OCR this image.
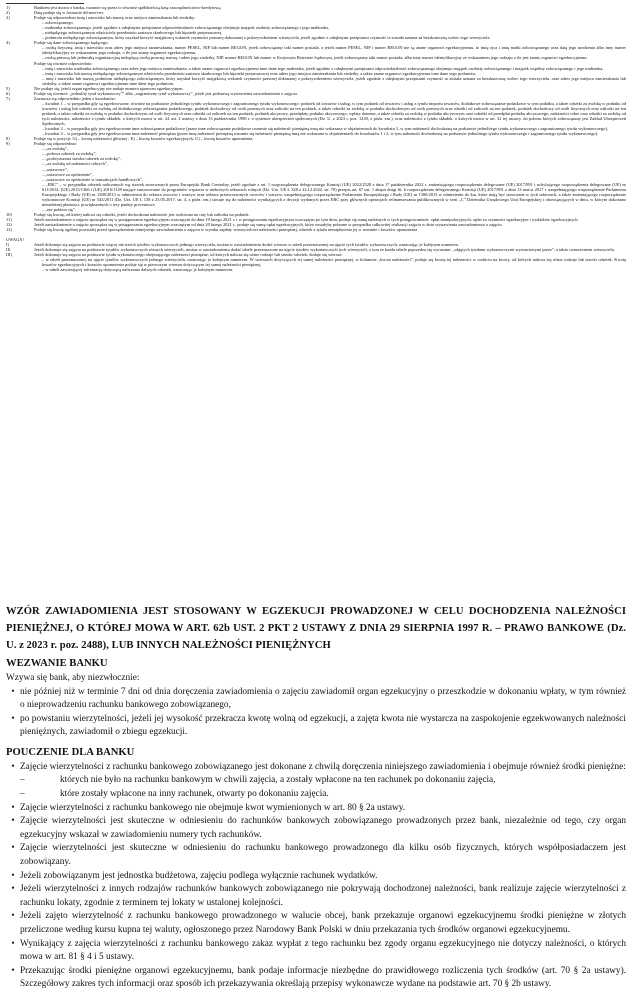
1)	Bankiem jest mowa o banku, rozumie się przez to również spółdzielczą kasę oszczędnościowo-kredytową.
2)	Datę podaje się w formacie dd-mm-rrrr.
3)	Podaje się odpowiednio imię i nazwisko lub nazwę oraz miejsca zamieszkania lub siedziby:
– zobowiązanego,
– małżonka zobowiązanego, jeżeli zgodnie z odrębnymi przepisami odpowiedzialność zobowiązanego obejmuje majątek osobisty zobowiązanego i jego małżonka,
– niebędącego zobowiązanym właściciela przedmiotu zastawu skarbowego lub hipoteki przymusowej,
– podmiotu niebędącego zobowiązanym, który uzyskał korzyść majątkową wskutek czynności prawnej dokonanej z pokrzywdzeniem wierzyciela, jeżeli zgodnie z odrębnymi przepisami czynność ta została uznana za bezskuteczną wobec tego wierzyciela.
4)	Podaje się dane zobowiązanego będącego:
– osobą fizyczną: imię i nazwisko oraz adres jego miejsca zamieszkania, numer PESEL, NIP lub numer REGON, jeżeli zobowiązany taki numer posiada, a jeżeli numer PESEL, NIP i numer REGON nie są znane organowi egzekucyjnemu, to imię ojca i imię matki zobowiązanego oraz datę jego urodzenia albo inny numer identyfikacyjny ze wskazaniem jego rodzaju, o ile jest znany organowi egzekucyjnemu,
– osobą prawną lub jednostką organizacyjną niebędącą osobą prawną: nazwę i adres jego siedziby, NIP, numer REGON lub numer w Krajowym Rejestrze Sądowym, jeżeli zobowiązany taki numer posiada, albo inny numer identyfikacyjny ze wskazaniem jego rodzaju o ile jest znany organowi egzekucyjnemu.
Podaje się również odpowiednio:
– imię i nazwisko małżonka zobowiązanego oraz adres jego miejsca zamieszkania, a także znane organowi egzekucyjnemu inne dane tego małżonka, jeżeli zgodnie z odrębnymi przepisami odpowiedzialność zobowiązanego obejmuje majątek osobisty zobowiązanego i majątek wspólny zobowiązanego i jego małżonka,
– imię i nazwisko lub nazwę niebędącego zobowiązanym właściciela przedmiotu zastawu skarbowego lub hipoteki przymusowej oraz adres jego miejsca zamieszkania lub siedziby, a także znane organowi egzekucyjnemu inne dane tego podmiotu,
– imię i nazwisko lub nazwę podmiotu niebędącego zobowiązanym, który uzyskał korzyść majątkową wskutek czynności prawnej dokonanej z pokrzywdzeniem wierzyciela, jeżeli zgodnie z odrębnymi przepisami czynność ta została uznana za bezskuteczną wobec tego wierzyciela, oraz adres jego miejsca zamieszkania lub siedziby, a także znane organowi egzekucyjnemu inne dane tego podmiotu.
5)	Nie podaje się, jeżeli organ egzekucyjny nie nadaje numeru sprawom egzekucyjnym.
6)	Podaje się również: „jednolity tytuł wykonawczy”” albo „zagraniczny tytuł wykonawczy”, jeżeli jest podstawą wystawienia zawiadomienia o zajęciu.
7)	Zaznacza się odpowiednio jeden z kwadratów:
– kwadrat 1 – w przypadku gdy są egzekwowane, również na podstawie jednolitego tytułu wykonawczego i zagranicznego tytułu wykonawczego: podatek od towarów i usług, w tym podatek od towarów i usług z tytułu importu towarów, dodatkowe zobowiązanie podatkowe w tym podatku, a także odsetki za zwłokę w podatku od towarów i usług lub odsetki za zwłokę od dodatkowego zobowiązania podatkowego, podatek dochodowy od osób prawnych oraz zaliczki na ten podatek, a także odsetki za zwłokę w podatku dochodowym od osób prawnych oraz odsetki od zaliczek na ten podatek, podatek dochodowy od osób fizycznych oraz zaliczki na ten podatek, a także odsetki za zwłokę w podatku dochodowym od osób fizycznych oraz odsetki od zaliczek na ten podatek, podatek akcyzowy, przedpłaty podatku akcyzowego, wpłaty dzienne, a także odsetki za zwłokę w podatku akcyzowym oraz odsetki od przedpłat podatku akcyzowego, należności celne oraz odsetki za zwłokę od tych należności, należności z tytułu składek, o których mowa w art. 24 ust. 2 ustawy z dnia 13 października 1998 r. o systemie ubezpieczeń społecznych (Dz. U. z 2023 r. poz. 1230, z późn. zm.), oraz należności z tytułu składek, o których mowa w art. 32 tej ustawy, do poboru których zobowiązany jest Zakład Ubezpieczeń Społecznych,
– kwadrat 2 – w przypadku gdy jest egzekwowane inne zobowiązanie podatkowe (przez inne zobowiązanie podatkowe rozumie się należność pieniężną inną niż wskazana w objaśnieniach do kwadratu 1, w tym należność dochodzoną na podstawie jednolitego tytułu wykonawczego i zagranicznego tytułu wykonawczego),
– kwadrat 3 – w przypadku gdy jest egzekwowana inna należność pieniężna (przez inną należność pieniężną rozumie się należność pieniężną inną niż wskazana w objaśnieniach do kwadratów 1 i 2, w tym należność dochodzoną na podstawie jednolitego tytułu wykonawczego i zagranicznego tytułu wykonawczego).
8)	Podaje się w pozycji: G) – kwotę należności głównej , E) – kwotę kosztów egzekucyjnych, U) – kwotę kosztów upomnienia.
9)	Podaje się odpowiednio:
– „za zwłokę”,
– „połowa odsetek za zwłokę”,
– „podwyższona stawka odsetek za zwłokę”,
– „za zwłokę od należności celnych”,
– „ustawowe”,
– „ustawowe za opóźnienie”,
– „ustawowe za opóźnienie w transakcjach handlowych”,
– „EBC” – w przypadku odsetek naliczanych wg stawek stosowanych przez Europejski Bank Centralny, jeżeli zgodnie z art. 1 rozporządzenia delegowanego Komisji (UE) 2022/2528 z dnia 17 października 2022 r. zmieniającego rozporządzenie delegowane (UE) 2017/891 i uchylającego rozporządzenia delegowane (UE) nr 611/2014, (UE) 2015/1366 i (UE) 2016/1149 mające zastosowanie do programów wsparcia w niektórych sektorach rolnych (Dz. Urz. UE L 328 z 22.12.2022, str. 70) przepis art. 67 ust. 1 akapit drugi lit. b rozporządzenia delegowanego Komisji (UE) 2017/891 z dnia 13 marca 2017 r. uzupełniającego rozporządzenie Parlamentu Europejskiego i Rady (UE) nr 1308/2013 w odniesieniu do sektora owoców i warzyw oraz sektora przetworzonych owoców i warzyw, uzupełniającego rozporządzenie Parlamentu Europejskiego i Rady (UE) nr 1306/2013 w odniesieniu do kar, które mają być stosowane w tych sektorach, a także zmieniającego rozporządzenie wykonawcze Komisji (UE) nr 543/2011 (Dz. Urz. UE L 138 z 25.05.2017, str. 4, z późn. zm.) stosuje się do należności wynikających z decyzji wydanych przez EBC przy głównych operacjach refinansowania publikowanych w serii „C” Dziennika Urzędowego Unii Europejskiej i obowiązujących w dniu, w którym dokonano nienależnej płatności, powiększonych o trzy punkty procentowe,
– „nie pobiera się”.
10)	Podaje się kwotę, od której nalicza się odsetki, jeżeli dochodzona należność jest rozłożona na raty lub zaliczka na podatek.
11)	Jeżeli zawiadomienie o zajęciu sporządza się w postępowaniu egzekucyjnym wszczętym do dnia 19 lutego 2021 r. i w postępowaniu egzekucyjnym wszczętym po tym dniu, podaje się sumę należnych w tych postępowaniach: opłat manipulacyjnych, opłat za czynności egzekucyjne i wydatków egzekucyjnych.
12)	Jeżeli zawiadomienie o zajęciu sporządza się w postępowaniu egzekucyjnym wszczętym od dnia 20 lutego 2021 r., podaje się sumę opłat egzekucyjnych, które zostałyby pobrane w przypadku całkowitej realizacji zajęcia w dniu wystawienia zawiadomienia o zajęciu.
13)	Podaje się kwotę ogólnej powstałej przed sporządzeniem niniejszego zawiadomienia o zajęciu w wyniku zapłaty wierzycielowi należności pieniężnej, odsetek z tytułu niezapłacenia jej w terminie i kosztów upomnienia
UWAGA!
I)	Jeżeli dokonuje się zajęcia na podstawie więcej niż trzech tytułów wykonawczych jednego wierzyciela, można w zawiadomieniu dodać wiersze w tabeli przeznaczonej na ujęcie tych tytułów wykonawczych, oznaczając je kolejnym numerem.
II)	Jeżeli dokonuje się zajęcia na podstawie tytułów wykonawczych różnych wierzycieli, można w zawiadomieniu dodać tabele przeznaczone na ujęcie tytułów wykonawczych tych wierzycieli, z tym że każda tabele poprzedza się wyrazami: „objętych tytułami wykonawczymi wystawionymi przez”, a także oznaczeniem wierzyciela.
III)	Jeżeli dokonuje się zajęcia na podstawie tytułu wykonawczego obejmującego należności pieniężne, od których nalicza się różne rodzaje lub stawki odsetek, dodaje się wiersze:
– w tabeli przeznaczonej na ujęcie tytułów wykonawczych jednego wierzyciela, oznaczając je kolejnym numerem. W wierszach dotyczących tej samej należności pieniężnej, w kolumnie „kwota należności”, podaje się kwotę tej należności w rozbiciu na kwoty, od których nalicza się różne rodzaje lub stawki odsetek. Kwotę kosztów egzekucyjnych i kosztów upomnienia podaje się w pierwszym wierszu dotyczącym tej samej należności pieniężnej,
– w tabeli zawierającej informację dotyczącą naliczania dalszych odsetek, oznaczając je kolejnym numerem.
WZÓR ZAWIADOMIENIA JEST STOSOWANY W EGZEKUCJI PROWADZONEJ W CELU DOCHODZENIA NALEŻNOŚCI PIENIĘŻNEJ, O KTÓREJ MOWA W ART. 62b UST. 2 PKT 2 USTAWY Z DNIA 29 SIERPNIA 1997 R. – PRAWO BANKOWE (Dz. U. z 2023 r. poz. 2488), LUB INNYCH NALEŻNOŚCI PIENIĘŻNYCH
WEZWANIE BANKU
Wzywa się bank, aby niezwłocznie:
• nie później niż w terminie 7 dni od dnia doręczenia zawiadomienia o zajęciu zawiadomił organ egzekucyjny o przeszkodzie w dokonaniu wpłaty, w tym również o nieprowadzeniu rachunku bankowego zobowiązanego,
• po powstaniu wierzytelności, jeżeli jej wysokość przekracza kwotę wolną od egzekucji, a zajęta kwota nie wystarcza na zaspokojenie egzekwowanych należności pieniężnych, zawiadomił o zbiegu egzekucji.
POUCZENIE DLA BANKU
• Zajęcie wierzytelności z rachunku bankowego zobowiązanego jest dokonane z chwilą doręczenia niniejszego zawiadomienia i obejmuje również środki pieniężne:
–	których nie było na rachunku bankowym w chwili zajęcia, a zostały wpłacone na ten rachunek po dokonaniu zajęcia,
–	które zostały wpłacone na inny rachunek, otwarty po dokonaniu zajęcia.
• Zajęcie wierzytelności z rachunku bankowego nie obejmuje kwot wymienionych w art. 80 § 2a ustawy.
• Zajęcie wierzytelności jest skuteczne w odniesieniu do rachunków bankowych zobowiązanego prowadzonych przez bank, niezależnie od tego, czy organ egzekucyjny wskazał w zawiadomieniu numery tych rachunków.
• Zajęcie wierzytelności jest skuteczne w odniesieniu do rachunku bankowego prowadzonego dla kilku osób fizycznych, których współposiadaczem jest zobowiązany.
• Jeżeli zobowiązanym jest jednostka budżetowa, zajęciu podlega wyłącznie rachunek wydatków.
• Jeżeli wierzytelności z innych rodzajów rachunków bankowych zobowiązanego nie pokrywają dochodzonej należności, bank realizuje zajęcie wierzytelności z rachunku lokaty, zgodnie z terminem tej lokaty w ustalonej kolejności.
• Jeżeli zajęto wierzytelność z rachunku bankowego prowadzonego w walucie obcej, bank przekazuje organowi egzekucyjnemu środki pieniężne w złotych przeliczone według kursu kupna tej waluty, ogłoszonego przez Narodowy Bank Polski w dniu przekazania tych środków organowi egzekucyjnemu.
• Wynikający z zajęcia wierzytelności z rachunku bankowego zakaz wypłat z tego rachunku bez zgody organu egzekucyjnego nie dotyczy należności, o których mowa w art. 81 § 4 i 5 ustawy.
• Przekazując środki pieniężne organowi egzekucyjnemu, bank podaje informacje niezbędne do prawidłowego rozliczenia tych środków (art. 70 § 2a ustawy). Szczegółowy zakres tych informacji oraz sposób ich przekazywania określają przepisy wykonawcze wydane na podstawie art. 70 § 2b ustawy.
